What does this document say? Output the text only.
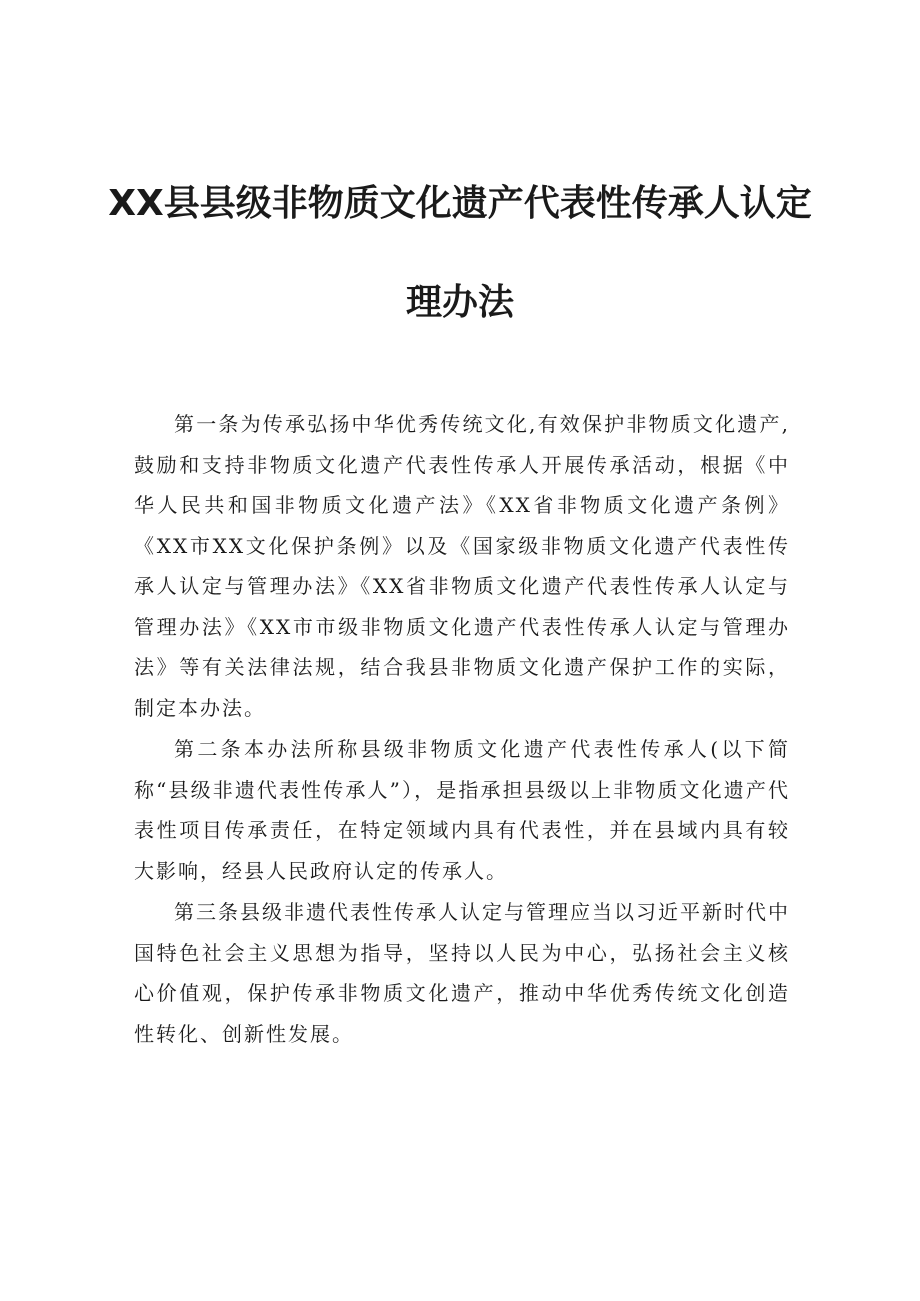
XX县县级非物质文化遗产代表性传承人认定
理办法

第一条为传承弘扬中华优秀传统文化,有效保护非物质文化遗产,鼓励和支持非物质文化遗产代表性传承人开展传承活动，根据《中华人民共和国非物质文化遗产法》《XX省非物质文化遗产条例》《XX市XX文化保护条例》以及《国家级非物质文化遗产代表性传承人认定与管理办法》《XX省非物质文化遗产代表性传承人认定与管理办法》《XX市市级非物质文化遗产代表性传承人认定与管理办法》等有关法律法规，结合我县非物质文化遗产保护工作的实际，制定本办法。

第二条本办法所称县级非物质文化遗产代表性传承人(以下简称“县级非遗代表性传承人”），是指承担县级以上非物质文化遗产代表性项目传承责任，在特定领域内具有代表性，并在县域内具有较大影响，经县人民政府认定的传承人。

第三条县级非遗代表性传承人认定与管理应当以习近平新时代中国特色社会主义思想为指导，坚持以人民为中心，弘扬社会主义核心价值观，保护传承非物质文化遗产，推动中华优秀传统文化创造性转化、创新性发展。
